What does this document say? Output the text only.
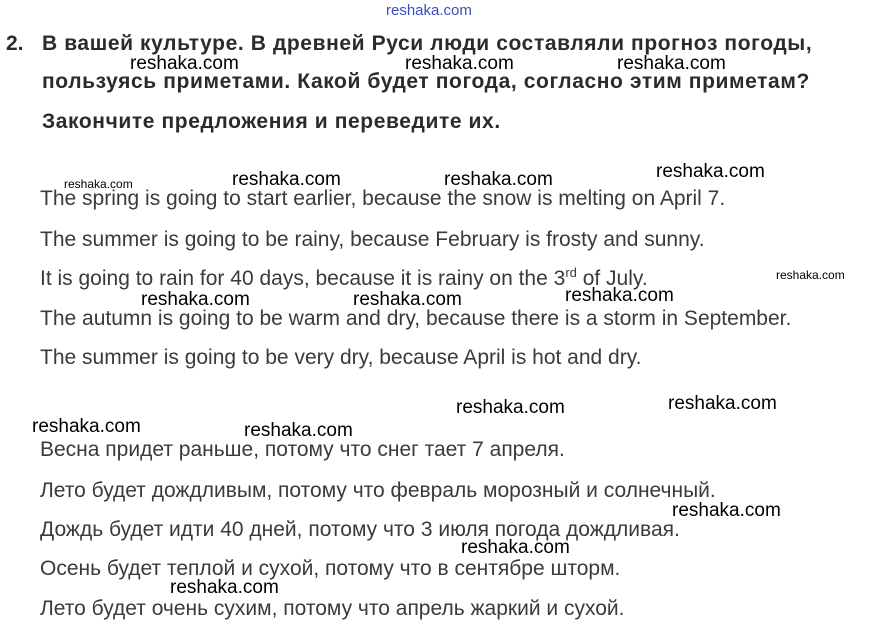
reshaka.com
2. В вашей культуре. В древней Руси люди составляли прогноз погоды,
пользуясь приметами. Какой будет погода, согласно этим приметам?
Закончите предложения и переведите их.
The spring is going to start earlier, because the snow is melting on April 7.
The summer is going to be rainy, because February is frosty and sunny.
It is going to rain for 40 days, because it is rainy on the 3rd of July.
The autumn is going to be warm and dry, because there is a storm in September.
The summer is going to be very dry, because April is hot and dry.
Весна придет раньше, потому что снег тает 7 апреля.
Лето будет дождливым, потому что февраль морозный и солнечный.
Дождь будет идти 40 дней, потому что 3 июля погода дождливая.
Осень будет теплой и сухой, потому что в сентябре шторм.
Лето будет очень сухим, потому что апрель жаркий и сухой.
reshaka.com	reshaka.com	reshaka.com
reshaka.com
reshaka.com	reshaka.com	reshaka.com
reshaka.com
reshaka.com
reshaka.com	reshaka.com
reshaka.com
reshaka.com
reshaka.com	reshaka.com
reshaka.com
reshaka.com
reshaka.com
